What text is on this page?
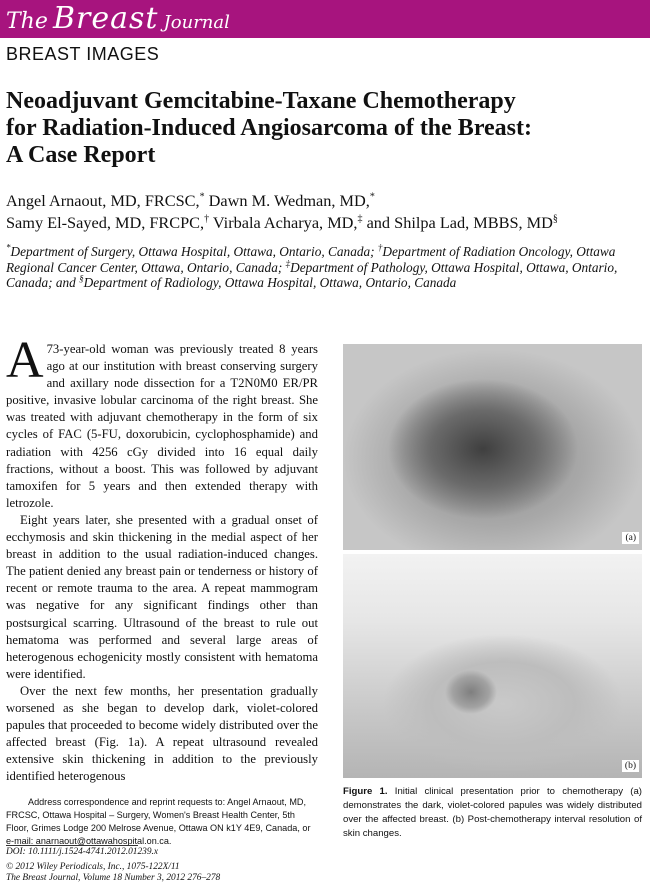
The Breast Journal
BREAST IMAGES
Neoadjuvant Gemcitabine-Taxane Chemotherapy
for Radiation-Induced Angiosarcoma of the Breast:
A Case Report
Angel Arnaout, MD, FRCSC,* Dawn M. Wedman, MD,*
Samy El-Sayed, MD, FRCPC,† Virbala Acharya, MD,‡ and Shilpa Lad, MBBS, MD§
*Department of Surgery, Ottawa Hospital, Ottawa, Ontario, Canada; †Department of Radiation Oncology, Ottawa Regional Cancer Center, Ottawa, Ontario, Canada; ‡Department of Pathology, Ottawa Hospital, Ottawa, Ontario, Canada; and §Department of Radiology, Ottawa Hospital, Ottawa, Ontario, Canada

A 73-year-old woman was previously treated 8 years ago at our institution with breast conserving surgery and axillary node dissection for a T2N0M0 ER/PR positive, invasive lobular carcinoma of the right breast. She was treated with adjuvant chemotherapy in the form of six cycles of FAC (5-FU, doxorubicin, cyclophosphamide) and radiation with 4256 cGy divided into 16 equal daily fractions, without a boost. This was followed by adjuvant tamoxifen for 5 years and then extended therapy with letrozole.

Eight years later, she presented with a gradual onset of ecchymosis and skin thickening in the medial aspect of her breast in addition to the usual radiation-induced changes. The patient denied any breast pain or tenderness or history of recent or remote trauma to the area. A repeat mammogram was negative for any significant findings other than postsurgical scarring. Ultrasound of the breast to rule out hematoma was performed and several large areas of heterogenous echogenicity mostly consistent with hematoma were identified.

Over the next few months, her presentation gradually worsened as she began to develop dark, violet-colored papules that proceeded to become widely distributed over the affected breast (Fig. 1a). A repeat ultrasound revealed extensive skin thickening in addition to the previously identified heterogenous

(a)
(b)
Figure 1. Initial clinical presentation prior to chemotherapy (a) demonstrates the dark, violet-colored papules was widely distributed over the affected breast. (b) Post-chemotherapy interval resolution of skin changes.
Address correspondence and reprint requests to: Angel Arnaout, MD,
FRCSC, Ottawa Hospital – Surgery, Women's Breast Health Center, 5th
Floor, Grimes Lodge 200 Melrose Avenue, Ottawa ON k1Y 4E9, Canada, or
e-mail: anarnaout@ottawahospital.on.ca.
DOI: 10.1111/j.1524-4741.2012.01239.x
© 2012 Wiley Periodicals, Inc., 1075-122X/11
The Breast Journal, Volume 18 Number 3, 2012 276–278
